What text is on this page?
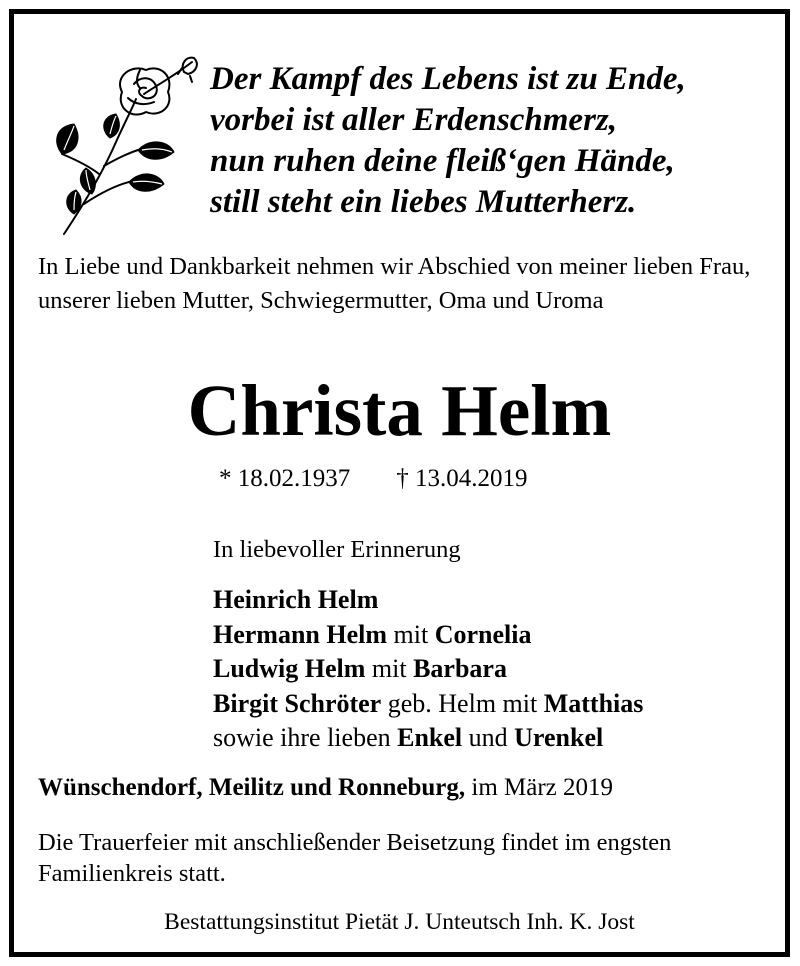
Der Kampf des Lebens ist zu Ende,
vorbei ist aller Erdenschmerz,
nun ruhen deine fleiß‘gen Hände,
still steht ein liebes Mutterherz.
In Liebe und Dankbarkeit nehmen wir Abschied von meiner lieben Frau, unserer lieben Mutter, Schwiegermutter, Oma und Uroma
Christa Helm
* 18.02.1937 † 13.04.2019
In liebevoller Erinnerung
Heinrich Helm
Hermann Helm mit Cornelia
Ludwig Helm mit Barbara
Birgit Schröter geb. Helm mit Matthias
sowie ihre lieben Enkel und Urenkel
Wünschendorf, Meilitz und Ronneburg, im März 2019
Die Trauerfeier mit anschließender Beisetzung findet im engsten Familienkreis statt.
Bestattungsinstitut Pietät J. Unteutsch Inh. K. Jost
